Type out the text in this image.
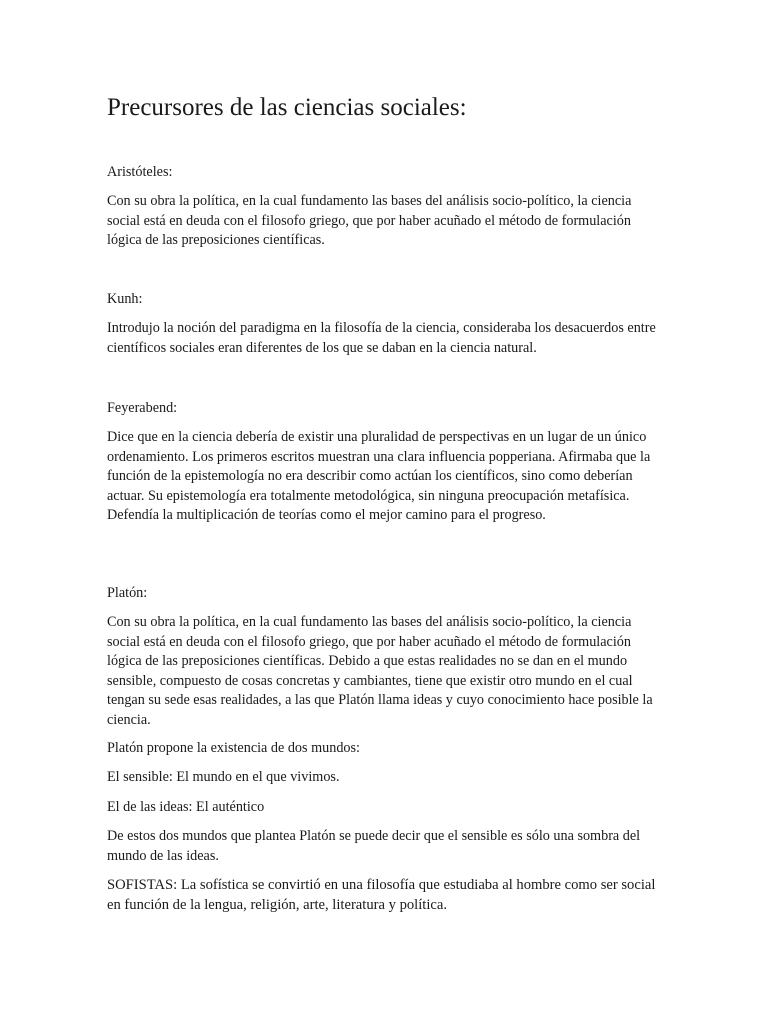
Precursores de las ciencias sociales:

Aristóteles:

Con su obra la política, en la cual fundamento las bases del análisis socio-político, la ciencia social está en deuda con el filosofo griego, que por haber acuñado el método de formulación lógica de las preposiciones científicas.

Kunh:

Introdujo la noción del paradigma en la filosofía de la ciencia, consideraba los desacuerdos entre científicos sociales eran diferentes de los que se daban en la ciencia natural.

Feyerabend:

Dice que en la ciencia debería de existir una pluralidad de perspectivas en un lugar de un único ordenamiento. Los primeros escritos muestran una clara influencia popperiana. Afirmaba que la función de la epistemología no era describir como actúan los científicos, sino como deberían actuar. Su epistemología era totalmente metodológica, sin ninguna preocupación metafísica. Defendía la multiplicación de teorías como el mejor camino para el progreso.

Platón:

Con su obra la política, en la cual fundamento las bases del análisis socio-político, la ciencia social está en deuda con el filosofo griego, que por haber acuñado el método de formulación lógica de las preposiciones científicas. Debido a que estas realidades no se dan en el mundo sensible, compuesto de cosas concretas y cambiantes, tiene que existir otro mundo en el cual tengan su sede esas realidades, a las que Platón llama ideas y cuyo conocimiento hace posible la ciencia.

Platón propone la existencia de dos mundos:

El sensible: El mundo en el que vivimos.

El de las ideas: El auténtico

De estos dos mundos que plantea Platón se puede decir que el sensible es sólo una sombra del mundo de las ideas.

SOFISTAS: La sofística se convirtió en una filosofía que estudiaba al hombre como ser social en función de la lengua, religión, arte, literatura y política.
